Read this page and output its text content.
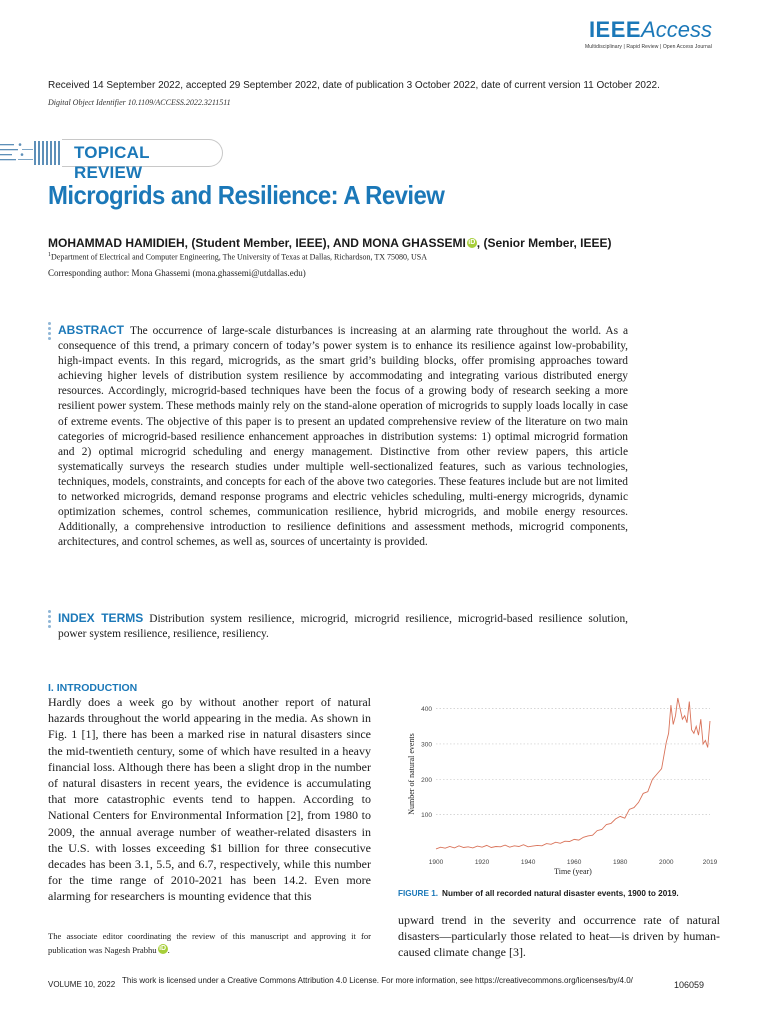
IEEEAccess
Multidisciplinary | Rapid Review | Open Access Journal
Received 14 September 2022, accepted 29 September 2022, date of publication 3 October 2022, date of current version 11 October 2022.
Digital Object Identifier 10.1109/ACCESS.2022.3211511
TOPICAL REVIEW
Microgrids and Resilience: A Review
MOHAMMAD HAMIDIEH, (Student Member, IEEE), AND MONA GHASSEMI iD , (Senior Member, IEEE)
$^1$Department of Electrical and Computer Engineering, The University of Texas at Dallas, Richardson, TX 75080, USA
Corresponding author: Mona Ghassemi (mona.ghassemi@utdallas.edu)
ABSTRACT The occurrence of large-scale disturbances is increasing at an alarming rate throughout the world. As a consequence of this trend, a primary concern of today’s power system is to enhance its resilience against low-probability, high-impact events. In this regard, microgrids, as the smart grid’s building blocks, offer promising approaches toward achieving higher levels of distribution system resilience by accommodating and integrating various distributed energy resources. Accordingly, microgrid-based techniques have been the focus of a growing body of research seeking a more resilient power system. These methods mainly rely on the stand-alone operation of microgrids to supply loads locally in case of extreme events. The objective of this paper is to present an updated comprehensive review of the literature on two main categories of microgrid-based resilience enhancement approaches in distribution systems: 1) optimal microgrid formation and 2) optimal microgrid scheduling and energy management. Distinctive from other review papers, this article systematically surveys the research studies under multiple well-sectionalized features, such as various technologies, techniques, models, constraints, and concepts for each of the above two categories. These features include but are not limited to networked microgrids, demand response programs and electric vehicles scheduling, multi-energy microgrids, dynamic optimization schemes, control schemes, communication resilience, hybrid microgrids, and mobile energy resources. Additionally, a comprehensive introduction to resilience definitions and assessment methods, microgrid components, architectures, and control schemes, as well as, sources of uncertainty is provided.
INDEX TERMS Distribution system resilience, microgrid, microgrid resilience, microgrid-based resilience solution, power system resilience, resilience, resiliency.
I. INTRODUCTION
Hardly does a week go by without another report of natural hazards throughout the world appearing in the media. As shown in Fig. 1 [1], there has been a marked rise in natural disasters since the mid-twentieth century, some of which have resulted in a heavy financial loss. Although there has been a slight drop in the number of natural disasters in recent years, the evidence is accumulating that more catastrophic events tend to happen. According to National Centers for Environmental Information [2], from 1980 to 2009, the annual average number of weather-related disasters in the U.S. with losses exceeding $1 billion for three consecutive decades has been 3.1, 5.5, and 6.7, respectively, while this number for the time range of 2010-2021 has been 14.2. Even more alarming for researchers is mounting evidence that this
The associate editor coordinating the review of this manuscript and approving it for publication was Nagesh Prabhu iD .
100
200
300
400
1900	1920	1940	1960	1980	2000	2019
Time (year)
Number of natural events
FIGURE 1. Number of all recorded natural disaster events, 1900 to 2019.
upward trend in the severity and occurrence rate of natural disasters—particularly those related to heat—is driven by human-caused climate change [3].
VOLUME 10, 2022 This work is licensed under a Creative Commons Attribution 4.0 License. For more information, see https://creativecommons.org/licenses/by/4.0/	106059
